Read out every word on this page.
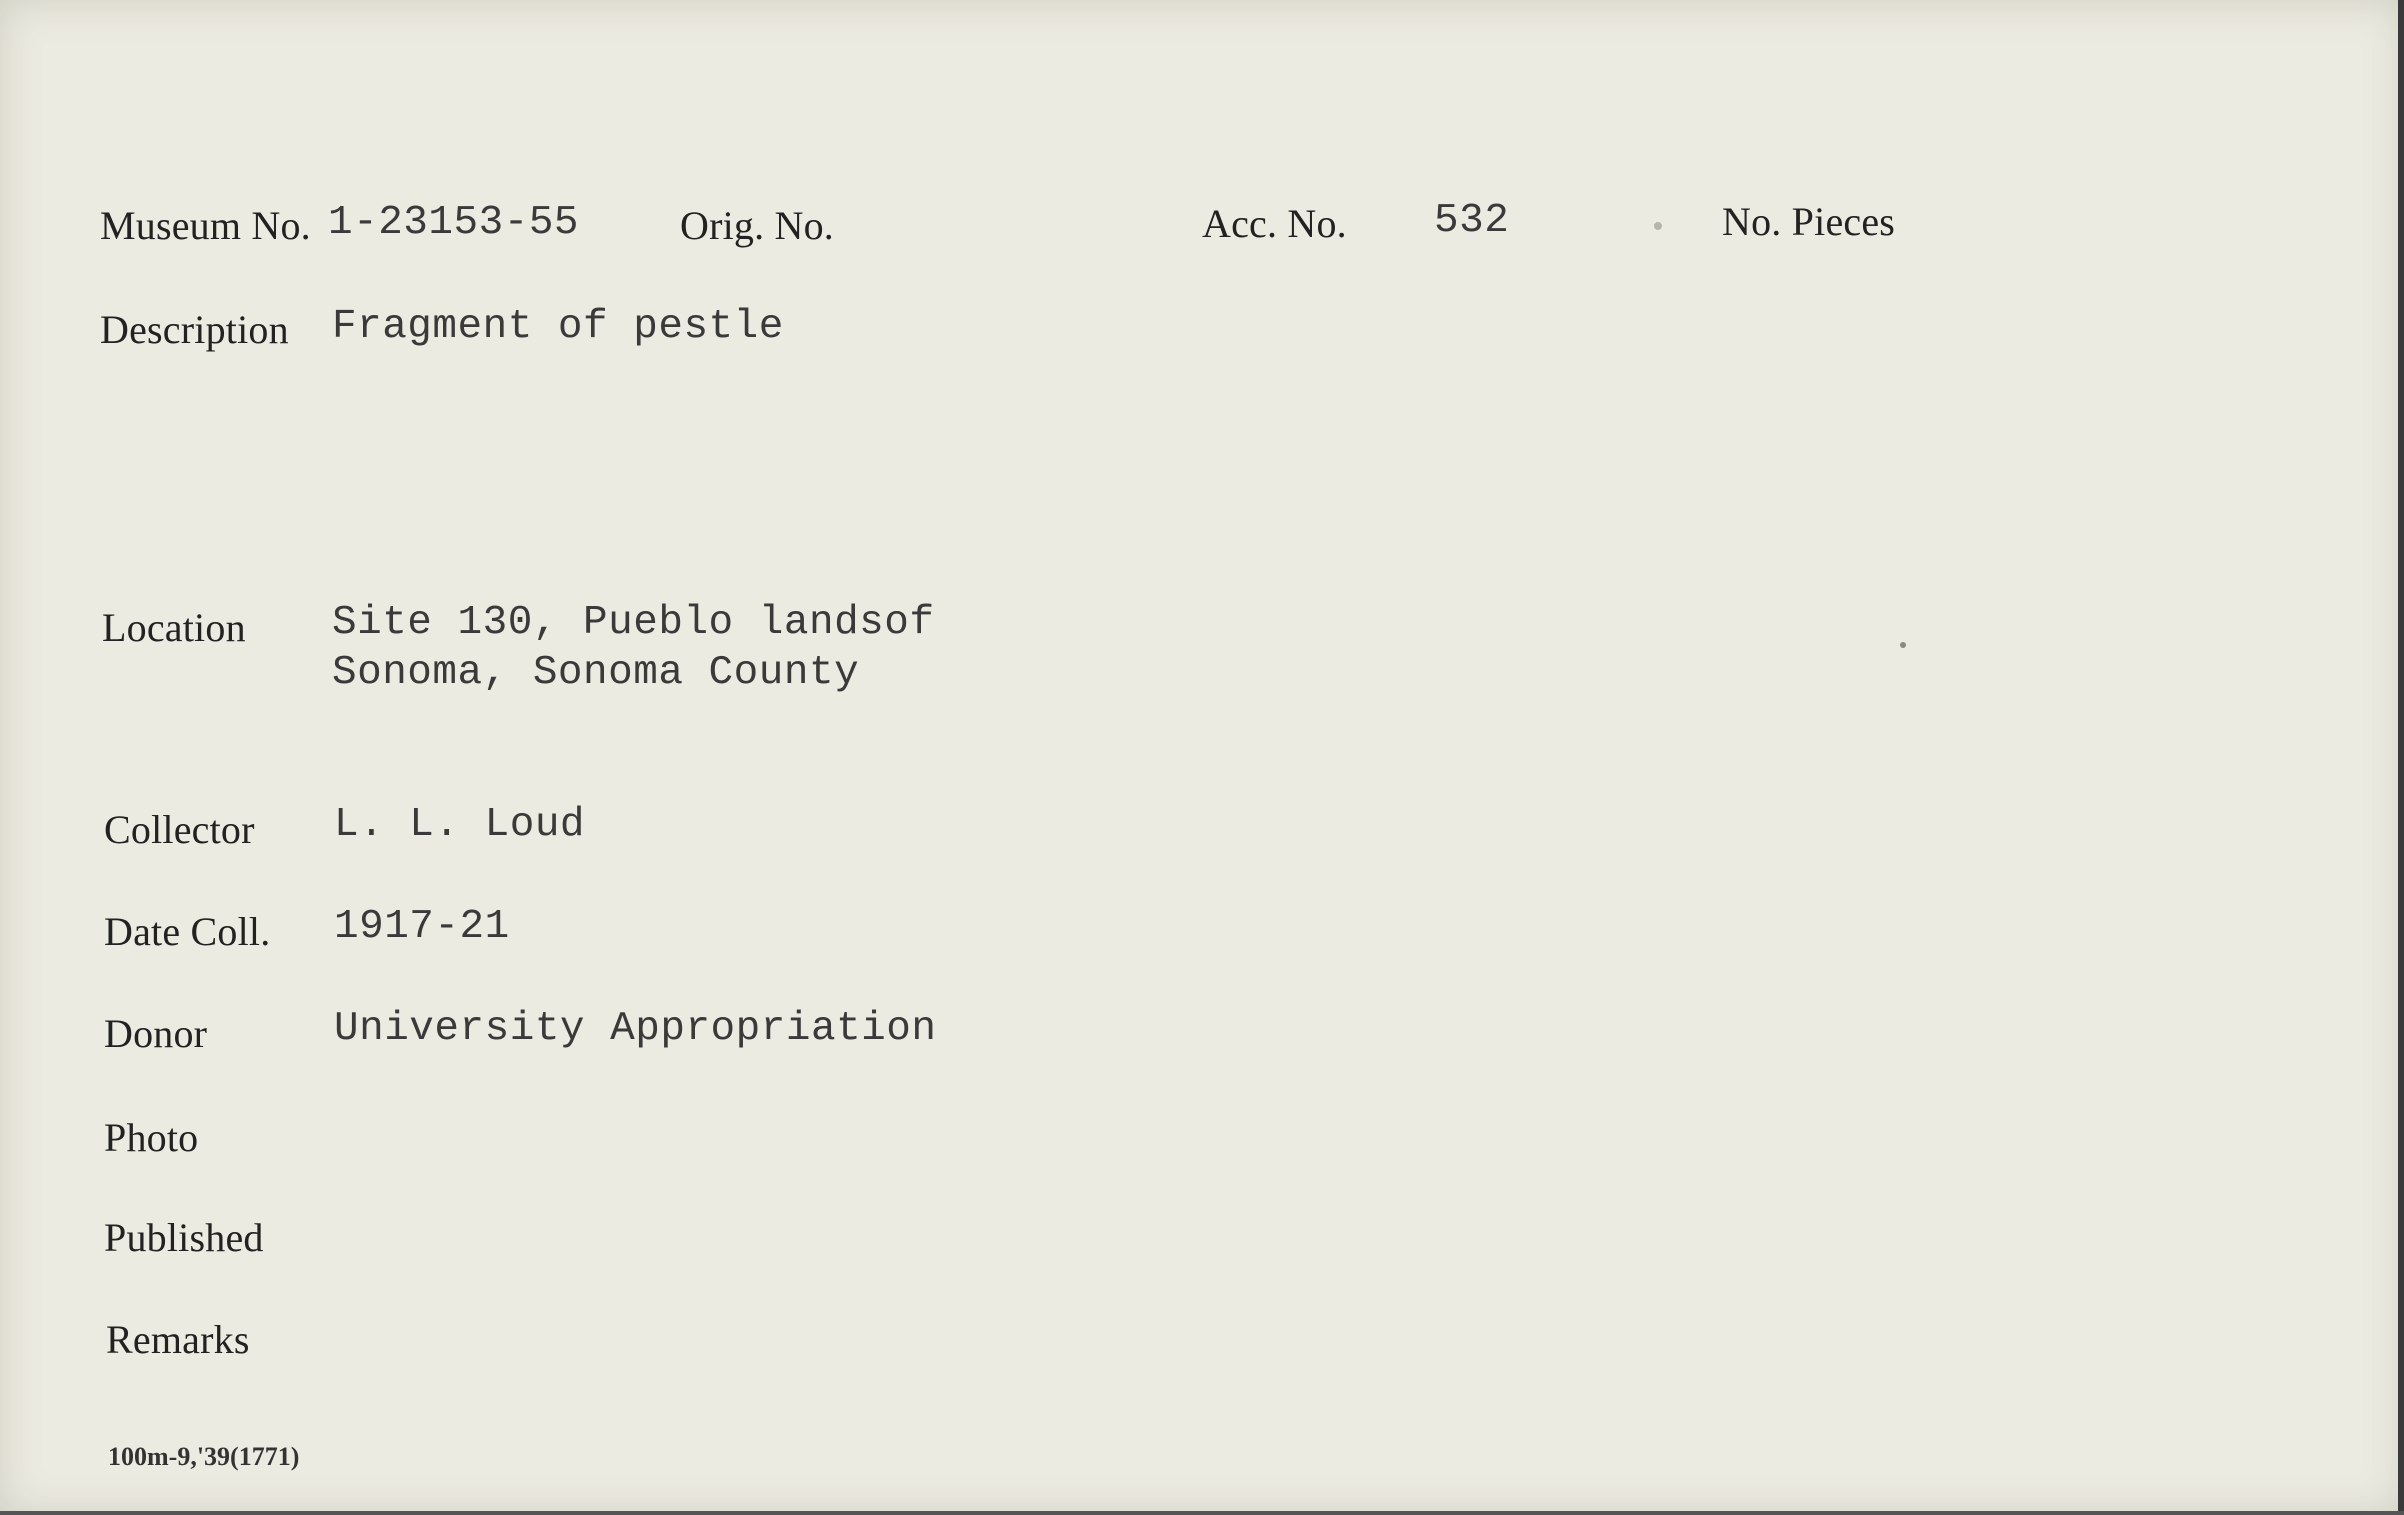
Museum No. 1-23153-55	Orig. No.	Acc. No. 532	No. Pieces
Description Fragment of pestle
Location Site 130, Pueblo landsof
Sonoma, Sonoma County
Collector L. L. Loud
Date Coll. 1917-21
Donor	University Appropriation
Photo
Published
Remarks
100m-9,'39(1771)
